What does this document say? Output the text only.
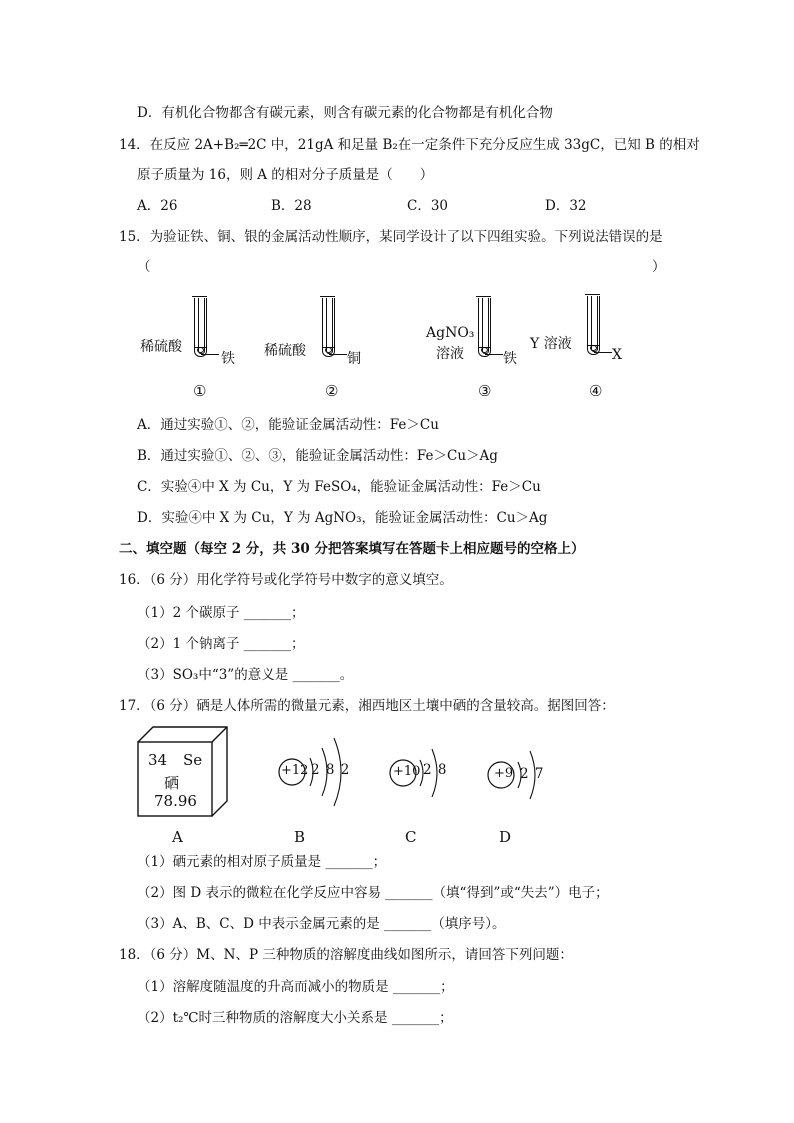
D．有机化合物都含有碳元素，则含有碳元素的化合物都是有机化合物
14．在反应 2A+B₂═2C 中，21gA 和足量 B₂在一定条件下充分反应生成 33gC，已知 B 的相对
原子质量为 16，则 A 的相对分子质量是（　　）
A．26	B．28	C．30	D．32
15．为验证铁、铜、银的金属活动性顺序，某同学设计了以下四组实验。下列说法错误的是
（	）
稀硫酸
铁
①
稀硫酸	铜
②
AgNO₃
溶液	铁
③
Y 溶液
X
④
A．通过实验①、②，能验证金属活动性：Fe＞Cu
B．通过实验①、②、③，能验证金属活动性：Fe＞Cu＞Ag
C．实验④中 X 为 Cu，Y 为 FeSO₄，能验证金属活动性：Fe＞Cu
D．实验④中 X 为 Cu，Y 为 AgNO₃，能验证金属活动性：Cu＞Ag
二、填空题（每空 2 分，共 30 分把答案填写在答题卡上相应题号的空格上）
16．（6 分）用化学符号或化学符号中数字的意义填空。
（1）2 个碳原子 _______；
（2）1 个钠离子 _______；
（3）SO₃中“3”的意义是 _______。
17．（6 分）硒是人体所需的微量元素，湘西地区土壤中硒的含量较高。据图回答：
34 Se
硒
78.96
+12 2 8 2	+10 2 8	+9 2 7
A	B	C	D
（1）硒元素的相对原子质量是 _______；
（2）图 D 表示的微粒在化学反应中容易 _______（填“得到”或“失去”）电子；
（3）A、B、C、D 中表示金属元素的是 _______（填序号）。
18．（6 分）M、N、P 三种物质的溶解度曲线如图所示，请回答下列问题：
（1）溶解度随温度的升高而减小的物质是 _______；
（2）t₂℃时三种物质的溶解度大小关系是 _______；
